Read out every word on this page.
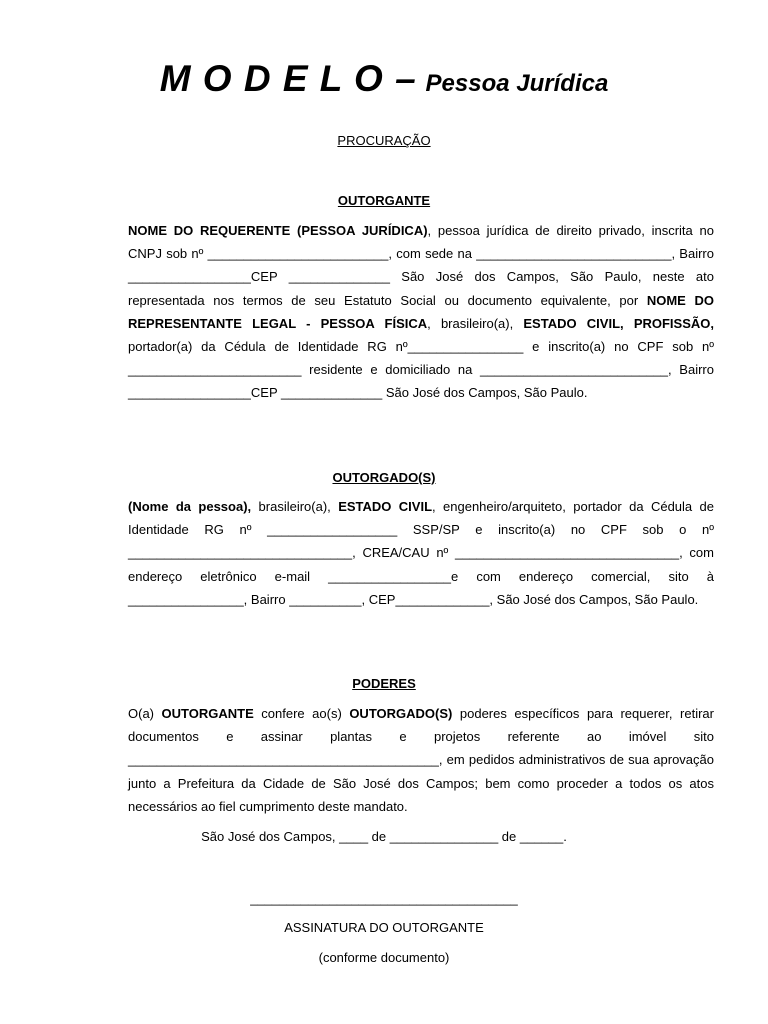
M O D E L O – Pessoa Jurídica

PROCURAÇÃO

OUTORGANTE

NOME DO REQUERENTE (PESSOA JURÍDICA), pessoa jurídica de direito privado, inscrita no CNPJ sob nº _________________________, com sede na ___________________________, Bairro _________________CEP ______________ São José dos Campos, São Paulo, neste ato representada nos termos de seu Estatuto Social ou documento equivalente, por NOME DO REPRESENTANTE LEGAL - PESSOA FÍSICA, brasileiro(a), ESTADO CIVIL, PROFISSÃO, portador(a) da Cédula de Identidade RG nº________________ e inscrito(a) no CPF sob nº ________________________ residente e domiciliado na __________________________, Bairro _________________CEP ______________ São José dos Campos, São Paulo.

OUTORGADO(S)

(Nome da pessoa), brasileiro(a), ESTADO CIVIL, engenheiro/arquiteto, portador da Cédula de Identidade RG nº __________________ SSP/SP e inscrito(a) no CPF sob o nº _______________________________, CREA/CAU nº _______________________________, com endereço eletrônico e-mail _________________e com endereço comercial, sito à ________________, Bairro __________, CEP_____________, São José dos Campos, São Paulo.

PODERES

O(a) OUTORGANTE confere ao(s) OUTORGADO(S) poderes específicos para requerer, retirar documentos e assinar plantas e projetos referente ao imóvel sito ___________________________________________, em pedidos administrativos de sua aprovação junto a Prefeitura da Cidade de São José dos Campos; bem como proceder a todos os atos necessários ao fiel cumprimento deste mandato.

São José dos Campos, ____ de _______________ de ______.

_____________________________________

ASSINATURA DO OUTORGANTE

(conforme documento)
